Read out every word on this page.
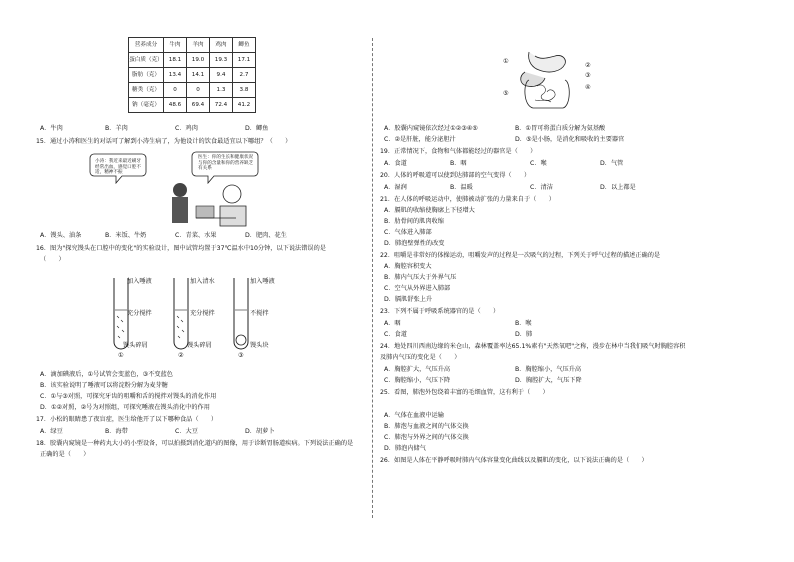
营养成分	牛肉	羊肉	鸡肉	鲫鱼
蛋白质（克）	18.1	19.0	19.3	17.1
脂肪（克）	13.4	14.1	9.4	2.7
糖类（克）	0	0	1.3	3.8
钠（毫克）	48.6	69.4	72.4	41.2
A．牛肉	B．羊肉	C．鸡肉	D．鲫鱼
15．通过小涛和医生的对话可了解到小涛生病了，为他设计的饮食最适宜以下哪组？（　　）
小涛：我近来最近刷牙经常出血，感觉口腔不适，精神不振
医生：你的生长和健康状况与你的含量和你的营养缺乏有关系
A．馒头、油条	B．米饭、牛奶	C．青菜、水果	D．肥肉、花生
16．图为"探究馒头在口腔中的变化"的实验设计，图中试管均置于37℃温水中10分钟，以下说法错误的是
（　　）
加入唾液
充分搅拌
馒头碎屑
①
加入清水
充分搅拌
馒头碎屑
②
加入唾液
不搅拌
馒头块
③
A．滴加碘液后，①号试管会变蓝色，③不变蓝色
B．该实验说明了唾液可以将淀粉分解为麦芽糖
C．①与③对照，可探究牙齿的咀嚼和舌的搅拌对馒头的消化作用
D．①②对照，②号为对照组，可探究唾液在馒头消化中的作用
17．小松的眼睛患了夜盲症，医生给他开了以下哪种食品（　　）
A．绿豆	B．海带	C．大豆	D．胡萝卜
18．胶囊内窥镜是一种药丸大小的小型设备，可以拍摄到消化道内的图像，用于诊断胃肠道疾病。下列说法正确的是
正确的是（　　）
①
②
③
④
⑤
A．胶囊内窥镜依次经过①②③④⑤	B．①胃可将蛋白质分解为氨基酸
C．②是肝脏，能分泌胆汁	D．⑤是小肠，是消化和吸收的主要器官
19．正常情况下，食物和气体都能经过的器官是（　　）
A．食道	B．咽	C．喉	D．气管
20．人体的呼吸道可以使到达肺部的空气变得（　　）
A．湿润	B．温暖	C．清洁	D．以上都是
21．在人体的呼吸运动中，使肺被动扩张的力量来自于（　　）
A．膈肌的收缩使胸廓上下径增大
B．肋骨间的肌肉收缩
C．气体进入肺部
D．肺泡壁弹性的改变
22．咀嚼是非常好的体操运动，咀嚼发声的过程是一次吸气的过程，下列关于呼气过程的描述正确的是
A．胸腔容积变大
B．肺内气压大于外界气压
C．空气从外界进入肺部
D．膈肌舒张上升
23．下列不属于呼吸系统器官的是（　　）
A．咽	B．喉
C．食道	D．肺
24．地处四川西南边缘的米仓山，森林覆盖率达65.1%素有"天然氧吧"之称，漫步在林中当我们吸气时胸腔容积
及肺内气压的变化是（　　）
A．胸腔扩大，气压升高	B．胸腔缩小，气压升高
C．胸腔缩小，气压下降	D．胸腔扩大，气压下降
25．看图，肺泡外包绕着丰富的毛细血管，这有利于（　　）
A．气体在血液中运输
B．肺泡与血液之间的气体交换
C．肺泡与外界之间的气体交换
D．肺泡内储气
26．如图是人体在平静呼吸时肺内气体容量变化曲线以及膈肌的变化，以下说法正确的是（　　）
